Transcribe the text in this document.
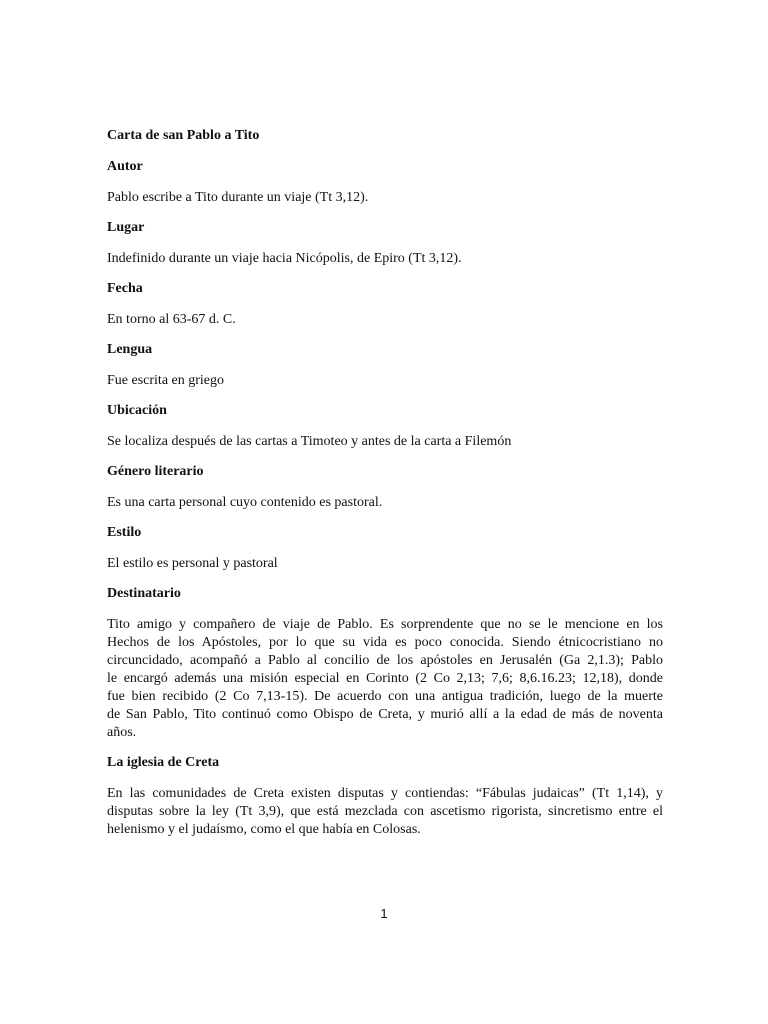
Carta de san Pablo a Tito

Autor

Pablo escribe a Tito durante un viaje (Tt 3,12).

Lugar

Indefinido durante un viaje hacia Nicópolis, de Epiro (Tt 3,12).

Fecha

En torno al 63-67 d. C.

Lengua

Fue escrita en griego

Ubicación

Se localiza después de las cartas a Timoteo y antes de la carta a Filemón

Género literario

Es una carta personal cuyo contenido es pastoral.

Estilo

El estilo es personal y pastoral

Destinatario

Tito amigo y compañero de viaje de Pablo. Es sorprendente que no se le mencione en los
Hechos de los Apóstoles, por lo que su vida es poco conocida. Siendo étnicocristiano no
circuncidado, acompañó a Pablo al concilio de los apóstoles en Jerusalén (Ga 2,1.3); Pablo
le encargó además una misión especial en Corinto (2 Co 2,13; 7,6; 8,6.16.23; 12,18), donde
fue bien recibido (2 Co 7,13-15). De acuerdo con una antigua tradición, luego de la muerte
de San Pablo, Tito continuó como Obispo de Creta, y murió allí a la edad de más de noventa
años.

La iglesia de Creta

En las comunidades de Creta existen disputas y contiendas: “Fábulas judaicas” (Tt 1,14), y
disputas sobre la ley (Tt 3,9), que está mezclada con ascetismo rigorista, sincretismo entre el
helenismo y el judaísmo, como el que había en Colosas.
1
